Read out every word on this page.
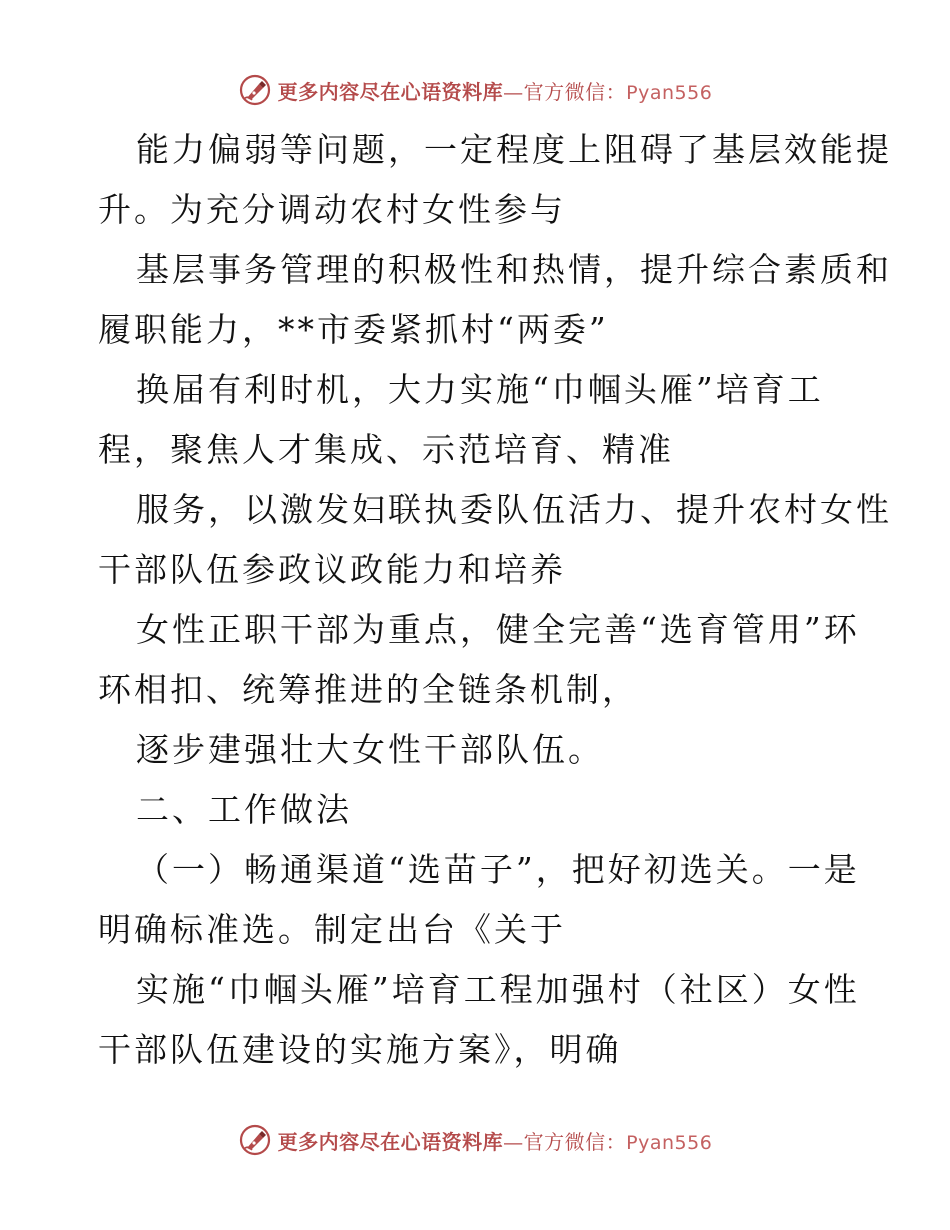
更多内容尽在心语资料库—官方微信：Pyan556
能力偏弱等问题，一定程度上阻碍了基层效能提
升。为充分调动农村女性参与
基层事务管理的积极性和热情，提升综合素质和
履职能力，**市委紧抓村“两委”
换届有利时机，大力实施“巾帼头雁”培育工
程，聚焦人才集成、示范培育、精准
服务，以激发妇联执委队伍活力、提升农村女性
干部队伍参政议政能力和培养
女性正职干部为重点，健全完善“选育管用”环
环相扣、统筹推进的全链条机制，
逐步建强壮大女性干部队伍。
二、工作做法
（一）畅通渠道“选苗子”，把好初选关。一是
明确标准选。制定出台《关于
实施“巾帼头雁”培育工程加强村（社区）女性
干部队伍建设的实施方案》，明确
更多内容尽在心语资料库—官方微信：Pyan556
